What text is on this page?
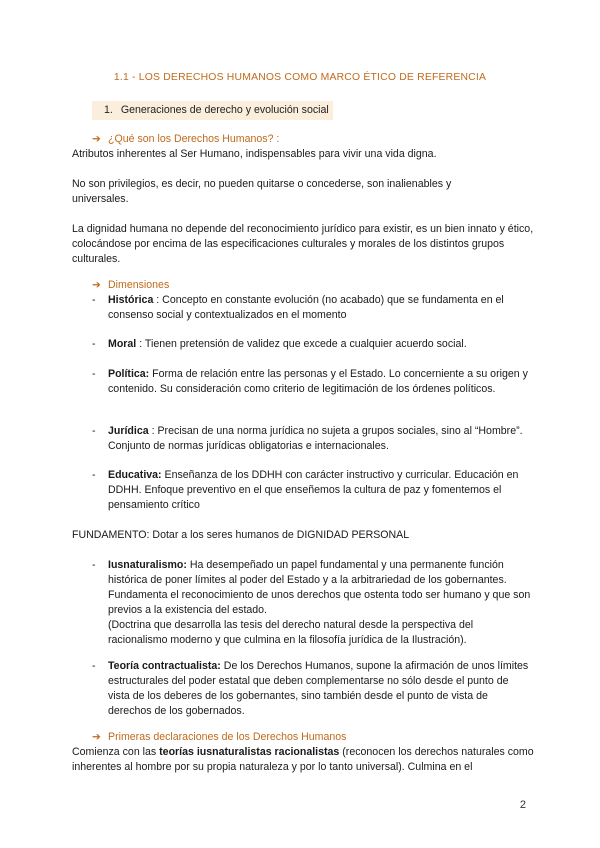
1.1 - LOS DERECHOS HUMANOS COMO MARCO ÉTICO DE REFERENCIA
1. Generaciones de derecho y evolución social
➔ ¿Qué son los Derechos Humanos? :
Atributos inherentes al Ser Humano, indispensables para vivir una vida digna.
No son privilegios, es decir, no pueden quitarse o concederse, son inalienables y universales.
La dignidad humana no depende del reconocimiento jurídico para existir, es un bien innato y ético, colocándose por encima de las especificaciones culturales y morales de los distintos grupos culturales.
➔ Dimensiones
-	Histórica : Concepto en constante evolución (no acabado) que se fundamenta en el consenso social y contextualizados en el momento
-	Moral : Tienen pretensión de validez que excede a cualquier acuerdo social.
-	Política: Forma de relación entre las personas y el Estado. Lo concerniente a su origen y contenido. Su consideración como criterio de legitimación de los órdenes políticos.
-	Jurídica : Precisan de una norma jurídica no sujeta a grupos sociales, sino al “Hombre”. Conjunto de normas jurídicas obligatorias e internacionales.
-	Educativa: Enseñanza de los DDHH con carácter instructivo y curricular. Educación en DDHH. Enfoque preventivo en el que enseñemos la cultura de paz y fomentemos el pensamiento crítico
FUNDAMENTO: Dotar a los seres humanos de DIGNIDAD PERSONAL
-	Iusnaturalismo: Ha desempeñado un papel fundamental y una permanente función histórica de poner límites al poder del Estado y a la arbitrariedad de los gobernantes. Fundamenta el reconocimiento de unos derechos que ostenta todo ser humano y que son previos a la existencia del estado.
(Doctrina que desarrolla las tesis del derecho natural desde la perspectiva del racionalismo moderno y que culmina en la filosofía jurídica de la Ilustración).
-	Teoría contractualista: De los Derechos Humanos, supone la afirmación de unos límites estructurales del poder estatal que deben complementarse no sólo desde el punto de vista de los deberes de los gobernantes, sino también desde el punto de vista de derechos de los gobernados.
➔ Primeras declaraciones de los Derechos Humanos
Comienza con las teorías iusnaturalistas racionalistas (reconocen los derechos naturales como inherentes al hombre por su propia naturaleza y por lo tanto universal). Culmina en el
2
